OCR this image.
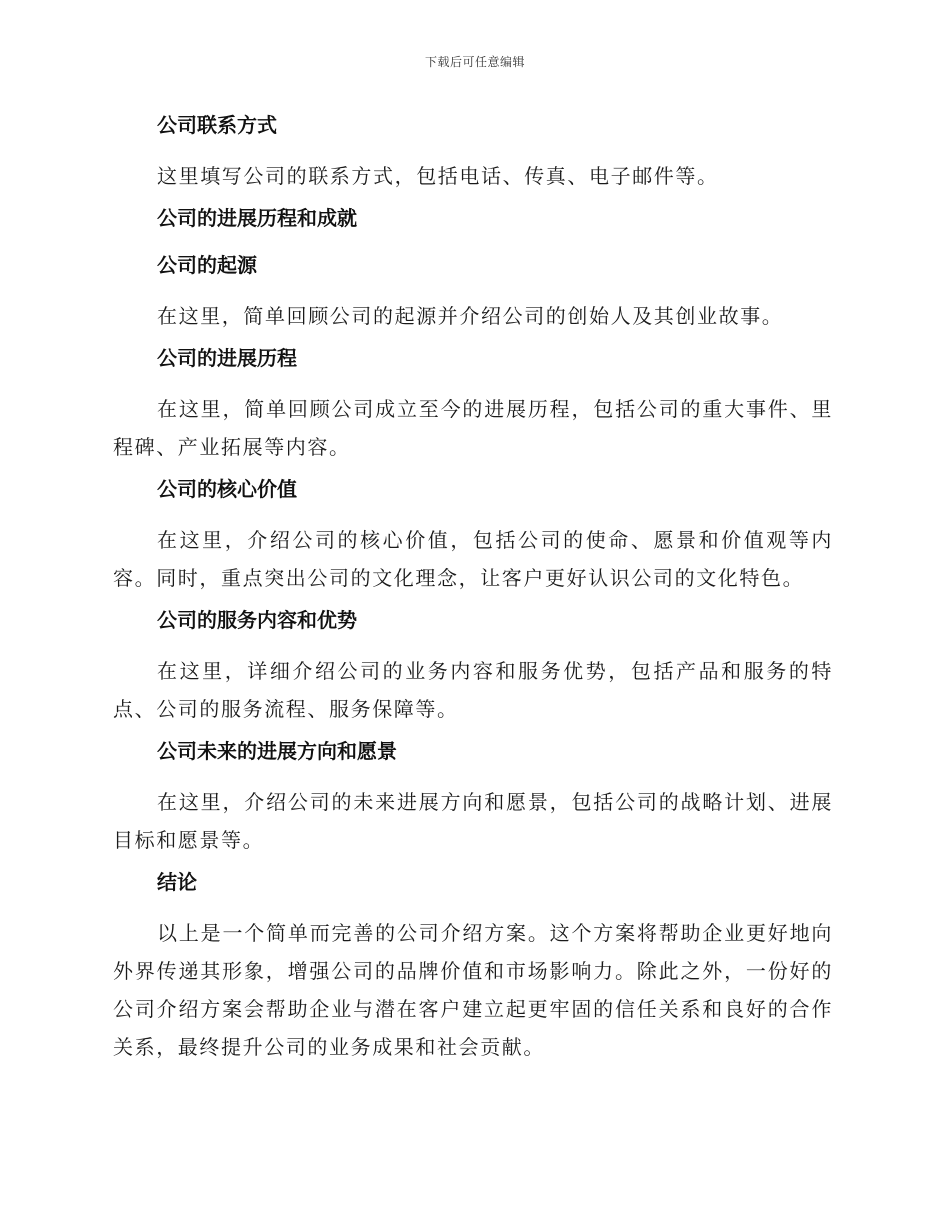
下载后可任意编辑
公司联系方式

这里填写公司的联系方式，包括电话、传真、电子邮件等。

公司的进展历程和成就
公司的起源

在这里，简单回顾公司的起源并介绍公司的创始人及其创业故事。

公司的进展历程

在这里，简单回顾公司成立至今的进展历程，包括公司的重大事件、里程碑、产业拓展等内容。

公司的核心价值

在这里，介绍公司的核心价值，包括公司的使命、愿景和价值观等内容。同时，重点突出公司的文化理念，让客户更好认识公司的文化特色。

公司的服务内容和优势

在这里，详细介绍公司的业务内容和服务优势，包括产品和服务的特点、公司的服务流程、服务保障等。

公司未来的进展方向和愿景

在这里，介绍公司的未来进展方向和愿景，包括公司的战略计划、进展目标和愿景等。

结论

以上是一个简单而完善的公司介绍方案。这个方案将帮助企业更好地向外界传递其形象，增强公司的品牌价值和市场影响力。除此之外，一份好的公司介绍方案会帮助企业与潜在客户建立起更牢固的信任关系和良好的合作关系，最终提升公司的业务成果和社会贡献。
